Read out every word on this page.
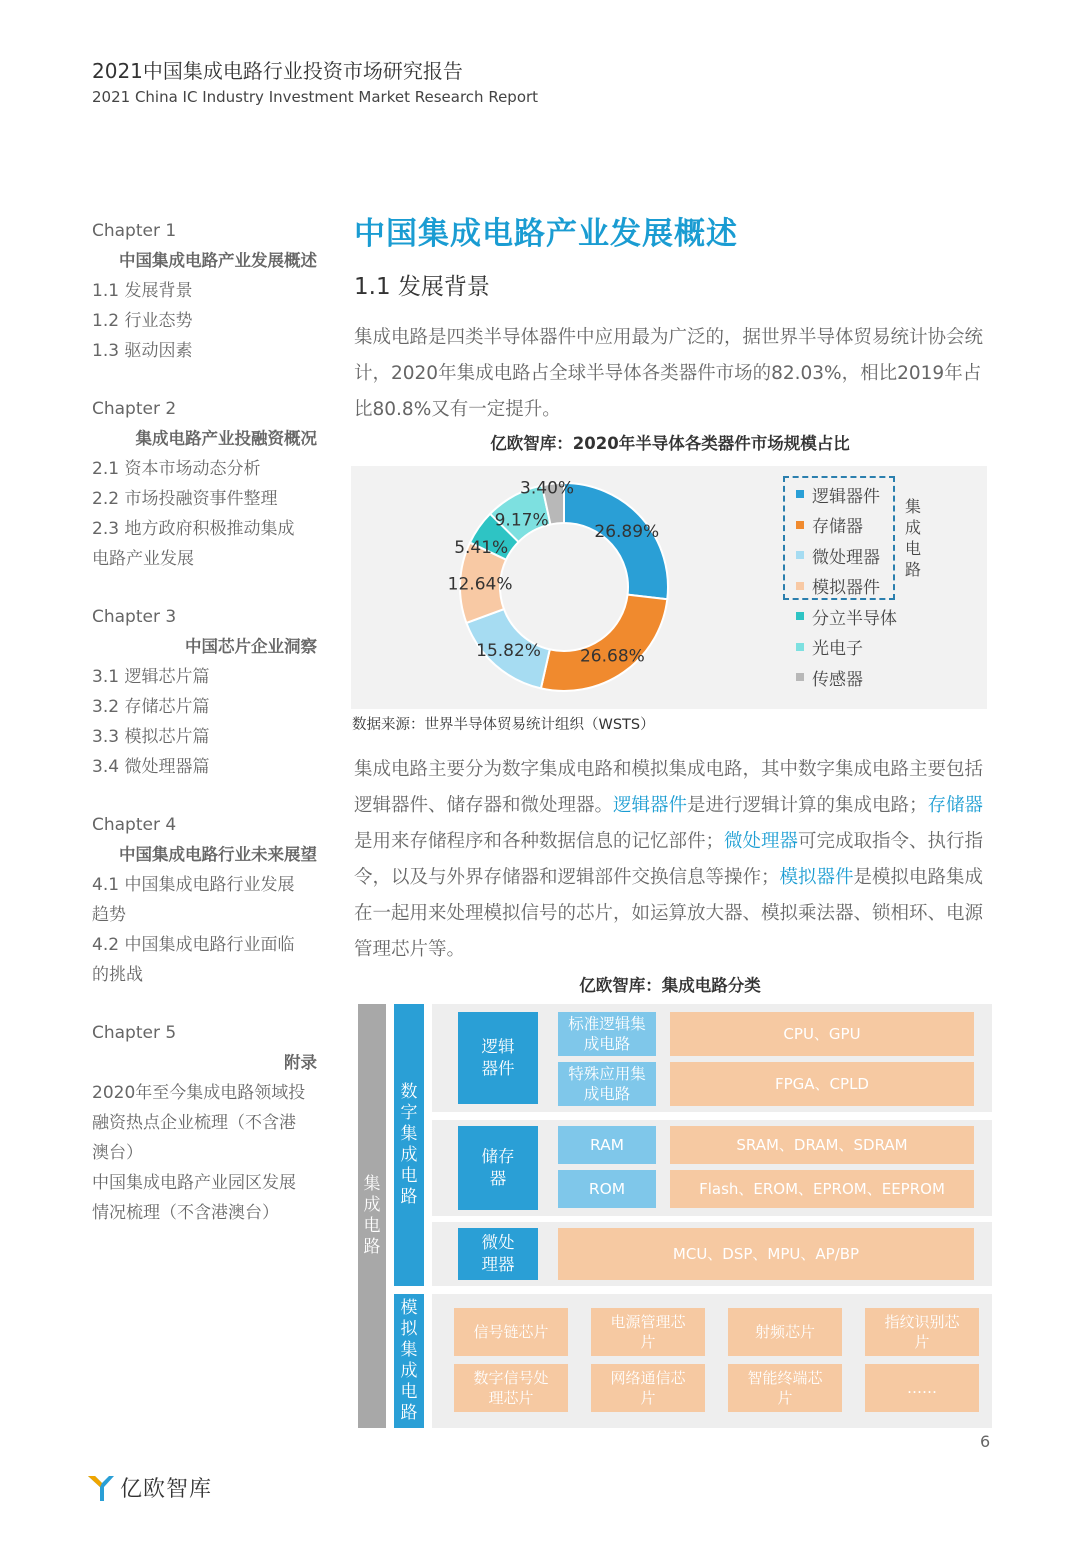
2021中国集成电路行业投资市场研究报告
2021 China IC Industry Investment Market Research Report
Chapter 1
中国集成电路产业发展概述
1.1 发展背景
1.2 行业态势
1.3 驱动因素
Chapter 2
集成电路产业投融资概况
2.1 资本市场动态分析
2.2 市场投融资事件整理
2.3 地方政府积极推动集成
电路产业发展
Chapter 3
中国芯片企业洞察
3.1 逻辑芯片篇
3.2 存储芯片篇
3.3 模拟芯片篇
3.4 微处理器篇
Chapter 4
中国集成电路行业未来展望
4.1 中国集成电路行业发展
趋势
4.2 中国集成电路行业面临
的挑战
Chapter 5
附录
2020年至今集成电路领域投
融资热点企业梳理（不含港
澳台）
中国集成电路产业园区发展
情况梳理（不含港澳台）
中国集成电路产业发展概述
1.1 发展背景
集成电路是四类半导体器件中应用最为广泛的，据世界半导体贸易统计协会统计，2020年集成电路占全球半导体各类器件市场的82.03%，相比2019年占比80.8%又有一定提升。
亿欧智库：2020年半导体各类器件市场规模占比
26.89%
26.68%
15.82%
12.64%
5.41%
9.17%
3.40%
集成电路
逻辑器件
存储器
微处理器
模拟器件
分立半导体
光电子
传感器
数据来源：世界半导体贸易统计组织（WSTS）
集成电路主要分为数字集成电路和模拟集成电路，其中数字集成电路主要包括逻辑器件、储存器和微处理器。逻辑器件是进行逻辑计算的集成电路；存储器是用来存储程序和各种数据信息的记忆部件；微处理器可完成取指令、执行指令，以及与外界存储器和逻辑部件交换信息等操作；模拟器件是模拟电路集成在一起用来处理模拟信号的芯片，如运算放大器、模拟乘法器、锁相环、电源管理芯片等。
亿欧智库：集成电路分类
集成电路
数字集成电路
模拟集成电路
逻辑器件
标准逻辑集成电路
特殊应用集成电路
CPU、GPU
FPGA、CPLD
储存器
RAM
ROM
SRAM、DRAM、SDRAM
Flash、EROM、EPROM、EEPROM
微处理器
MCU、DSP、MPU、AP/BP
信号链芯片
电源管理芯片
射频芯片
指纹识别芯片
数字信号处理芯片
网络通信芯片
智能终端芯片
……
6
亿欧智库
